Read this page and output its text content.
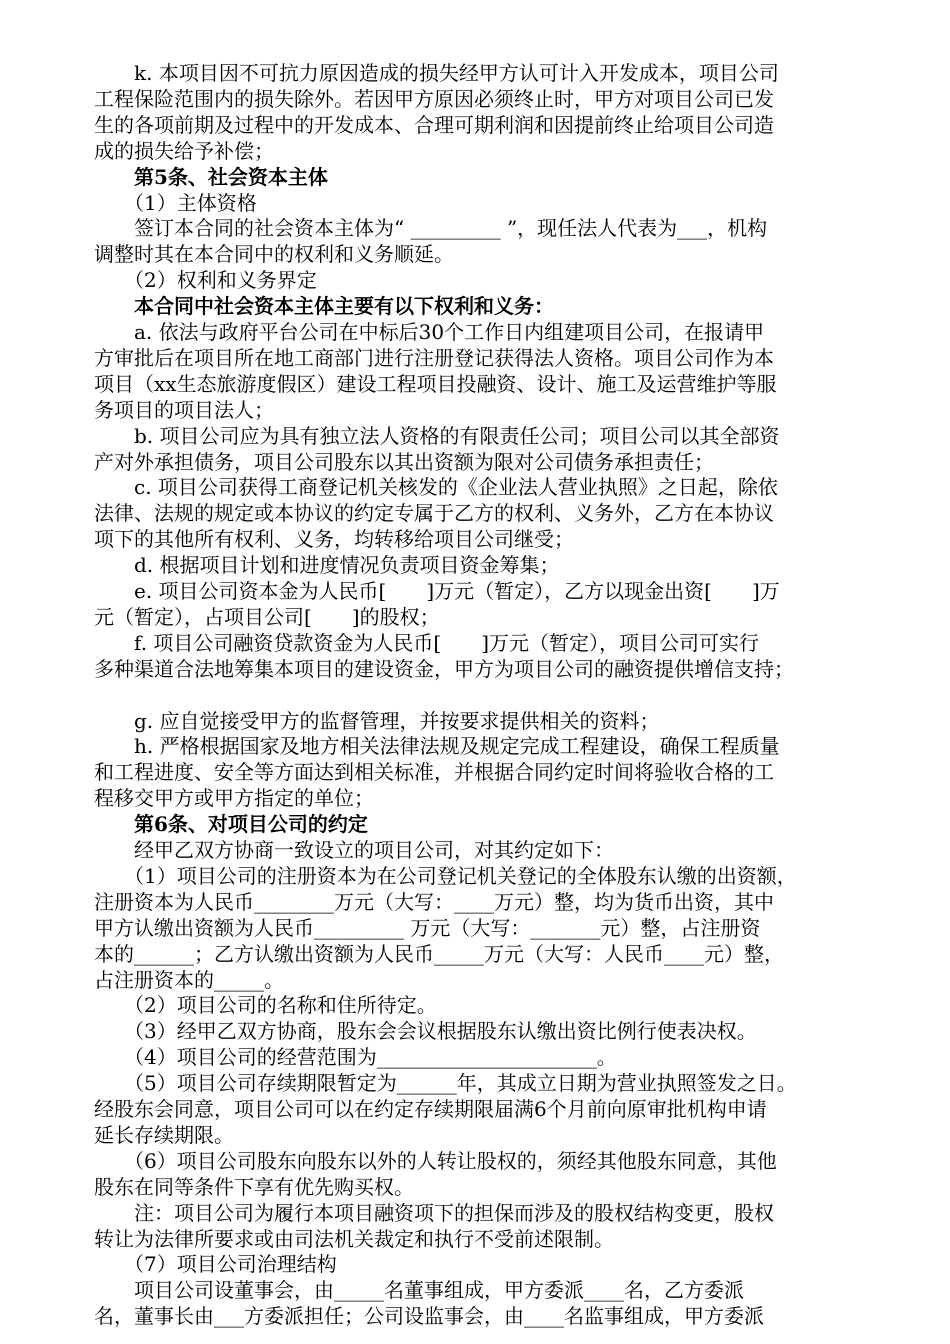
　　k. 本项目因不可抗力原因造成的损失经甲方认可计入开发成本，项目公司
工程保险范围内的损失除外。若因甲方原因必须终止时，甲方对项目公司已发
生的各项前期及过程中的开发成本、合理可期利润和因提前终止给项目公司造
成的损失给予补偿；
　　第5条、社会资本主体
　　（1）主体资格
　　签订本合同的社会资本主体为“ _________ ”，现任法人代表为___，机构
调整时其在本合同中的权利和义务顺延。
　　（2）权利和义务界定
　　本合同中社会资本主体主要有以下权利和义务：
　　a. 依法与政府平台公司在中标后30个工作日内组建项目公司，在报请甲
方审批后在项目所在地工商部门进行注册登记获得法人资格。项目公司作为本
项目（xx生态旅游度假区）建设工程项目投融资、设计、施工及运营维护等服
务项目的项目法人；
　　b. 项目公司应为具有独立法人资格的有限责任公司；项目公司以其全部资
产对外承担债务，项目公司股东以其出资额为限对公司债务承担责任；
　　c. 项目公司获得工商登记机关核发的《企业法人营业执照》之日起，除依
法律、法规的规定或本协议的约定专属于乙方的权利、义务外，乙方在本协议
项下的其他所有权利、义务，均转移给项目公司继受；
　　d. 根据项目计划和进度情况负责项目资金筹集；
　　e. 项目公司资本金为人民币[　　]万元（暂定），乙方以现金出资[　　]万
元（暂定），占项目公司[　　]的股权；
　　f. 项目公司融资贷款资金为人民币[　　]万元（暂定），项目公司可实行
多种渠道合法地筹集本项目的建设资金，甲方为项目公司的融资提供增信支持；
　　g. 应自觉接受甲方的监督管理，并按要求提供相关的资料；
　　h. 严格根据国家及地方相关法律法规及规定完成工程建设，确保工程质量
和工程进度、安全等方面达到相关标准，并根据合同约定时间将验收合格的工
程移交甲方或甲方指定的单位；
　　第6条、对项目公司的约定
　　经甲乙双方协商一致设立的项目公司，对其约定如下：
　　（1）项目公司的注册资本为在公司登记机关登记的全体股东认缴的出资额，
注册资本为人民币________万元（大写：____万元）整，均为货币出资，其中
甲方认缴出资额为人民币_________ 万元（大写：_______元）整，占注册资
本的______；乙方认缴出资额为人民币_____万元（大写：人民币____元）整，
占注册资本的_____。
　　（2）项目公司的名称和住所待定。
　　（3）经甲乙双方协商，股东会会议根据股东认缴出资比例行使表决权。
　　（4）项目公司的经营范围为______________________。
　　（5）项目公司存续期限暂定为______年，其成立日期为营业执照签发之日。
经股东会同意，项目公司可以在约定存续期限届满6个月前向原审批机构申请
延长存续期限。
　　（6）项目公司股东向股东以外的人转让股权的，须经其他股东同意，其他
股东在同等条件下享有优先购买权。
　　注：项目公司为履行本项目融资项下的担保而涉及的股权结构变更，股权
转让为法律所要求或由司法机关裁定和执行不受前述限制。
　　（7）项目公司治理结构
　　项目公司设董事会，由_____名董事组成，甲方委派____名，乙方委派
名，董事长由___方委派担任；公司设监事会，由____名监事组成，甲方委派
